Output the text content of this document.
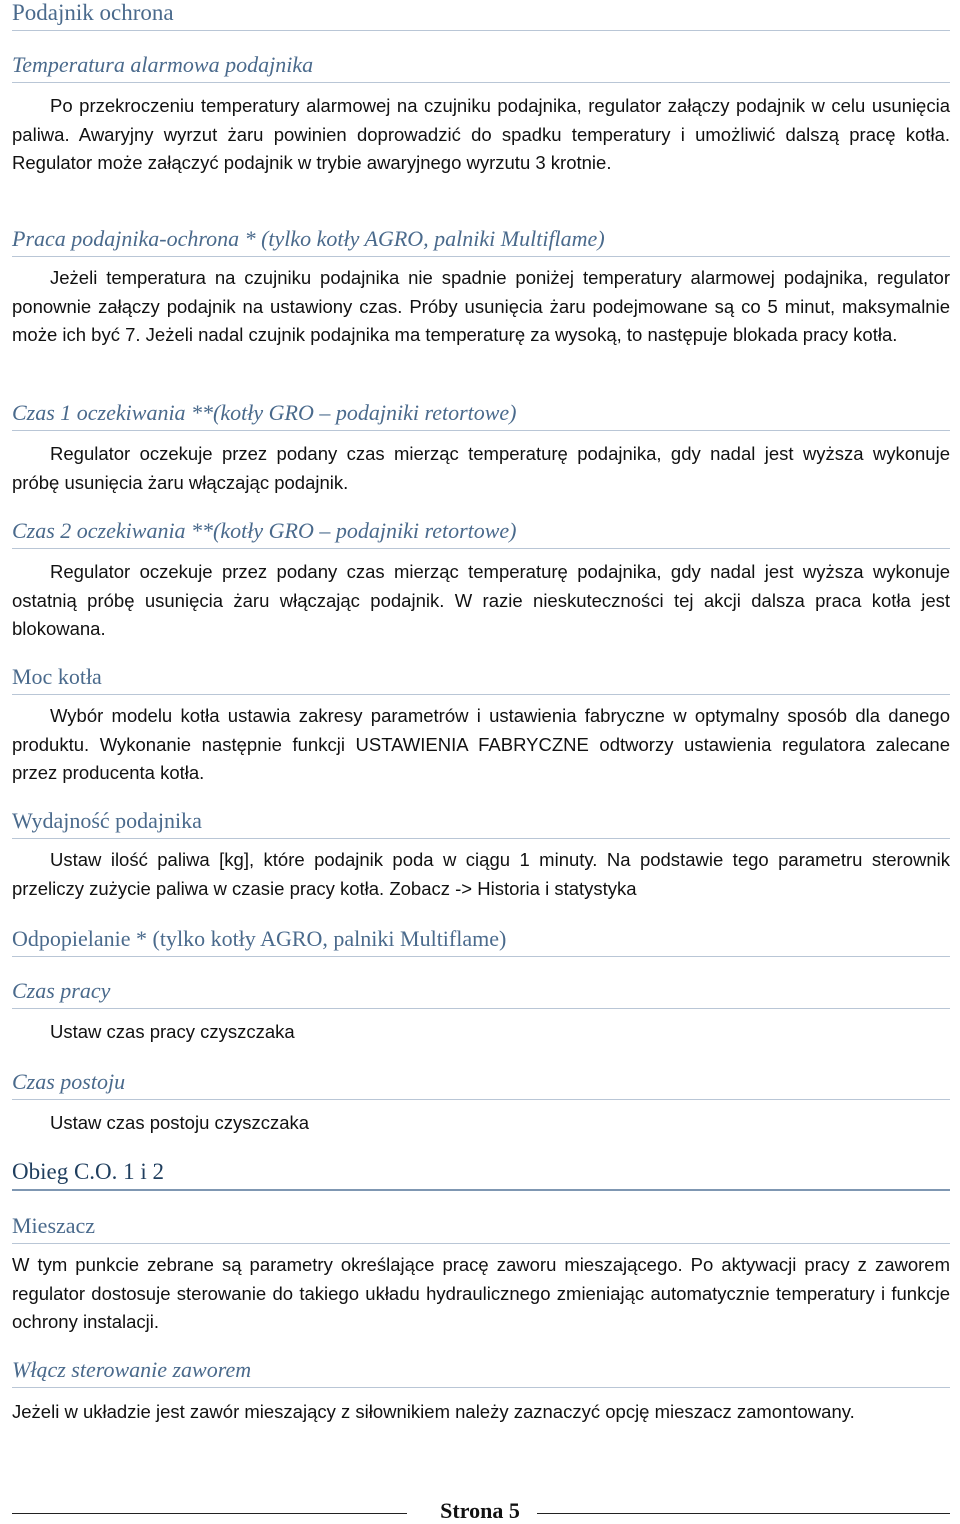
Podajnik ochrona
Temperatura alarmowa podajnika

Po przekroczeniu temperatury alarmowej na czujniku podajnika, regulator załączy podajnik w celu usunięcia paliwa. Awaryjny wyrzut żaru powinien doprowadzić do spadku temperatury i umożliwić dalszą pracę kotła. Regulator może załączyć podajnik w trybie awaryjnego wyrzutu 3 krotnie.

Praca podajnika-ochrona * (tylko kotły AGRO, palniki Multiflame)

Jeżeli temperatura na czujniku podajnika nie spadnie poniżej temperatury alarmowej podajnika, regulator ponownie załączy podajnik na ustawiony czas. Próby usunięcia żaru podejmowane są co 5 minut, maksymalnie może ich być 7. Jeżeli nadal czujnik podajnika ma temperaturę za wysoką, to następuje blokada pracy kotła.

Czas 1 oczekiwania **(kotły GRO – podajniki retortowe)

Regulator oczekuje przez podany czas mierząc temperaturę podajnika, gdy nadal jest wyższa wykonuje próbę usunięcia żaru włączając podajnik.

Czas 2 oczekiwania **(kotły GRO – podajniki retortowe)

Regulator oczekuje przez podany czas mierząc temperaturę podajnika, gdy nadal jest wyższa wykonuje ostatnią próbę usunięcia żaru włączając podajnik. W razie nieskuteczności tej akcji dalsza praca kotła jest blokowana.

Moc kotła

Wybór modelu kotła ustawia zakresy parametrów i ustawienia fabryczne w optymalny sposób dla danego produktu. Wykonanie następnie funkcji USTAWIENIA FABRYCZNE odtworzy ustawienia regulatora zalecane przez producenta kotła.

Wydajność podajnika

Ustaw ilość paliwa [kg], które podajnik poda w ciągu 1 minuty. Na podstawie tego parametru sterownik przeliczy zużycie paliwa w czasie pracy kotła. Zobacz -> Historia i statystyka

Odpopielanie * (tylko kotły AGRO, palniki Multiflame)
Czas pracy

Ustaw czas pracy czyszczaka

Czas postoju

Ustaw czas postoju czyszczaka

Obieg C.O. 1 i 2
Mieszacz

W tym punkcie zebrane są parametry określające pracę zaworu mieszającego. Po aktywacji pracy z zaworem regulator dostosuje sterowanie do takiego układu hydraulicznego zmieniając automatycznie temperatury i funkcje ochrony instalacji.

Włącz sterowanie zaworem

Jeżeli w układzie jest zawór mieszający z siłownikiem należy zaznaczyć opcję mieszacz zamontowany.

Strona 5
